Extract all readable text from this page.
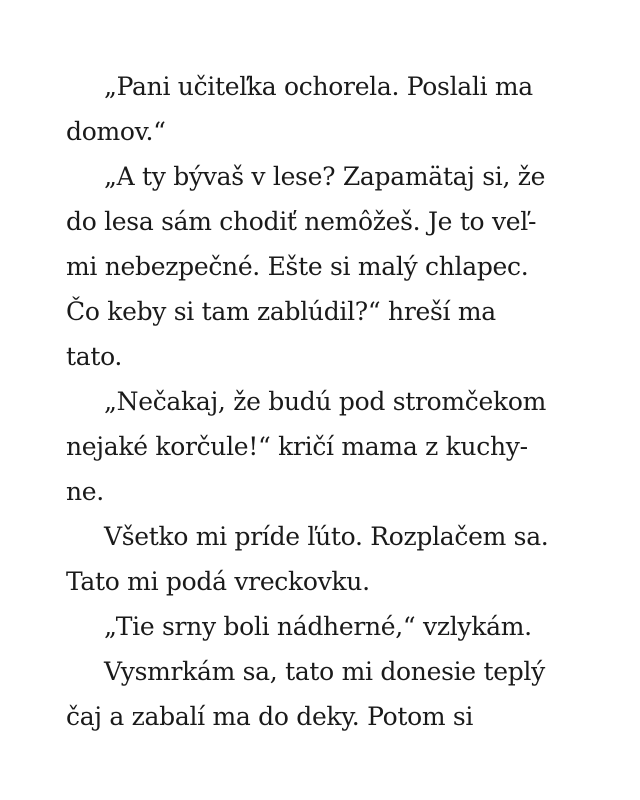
„Pani učiteľka ochorela. Poslali ma

domov.“

„A ty bývaš v lese? Zapamätaj si, že

do lesa sám chodiť nemôžeš. Je to veľ-

mi nebezpečné. Ešte si malý chlapec.

Čo keby si tam zablúdil?“ hreší ma

tato.

„Nečakaj, že budú pod stromčekom

nejaké korčule!“ kričí mama z kuchy-

ne.

Všetko mi príde ľúto. Rozplačem sa.

Tato mi podá vreckovku.

„Tie srny boli nádherné,“ vzlykám.

Vysmrkám sa, tato mi donesie teplý

čaj a zabalí ma do deky. Potom si
